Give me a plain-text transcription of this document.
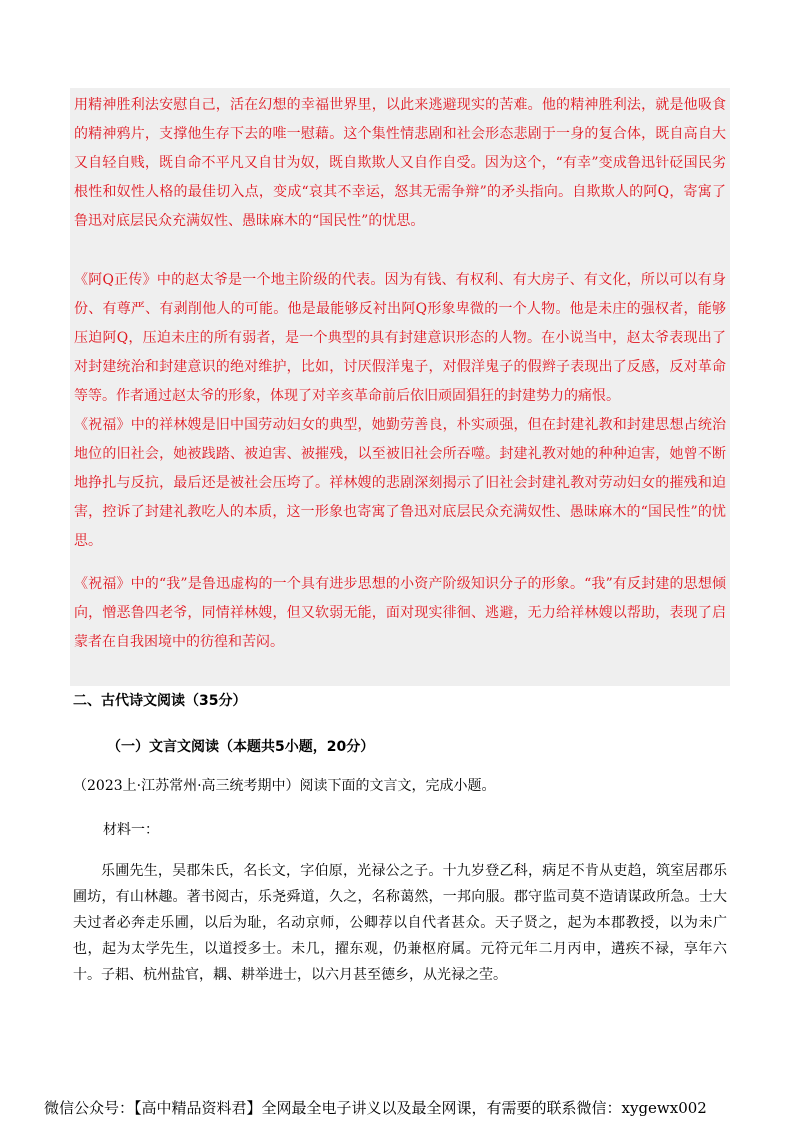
用精神胜利法安慰自己，活在幻想的幸福世界里，以此来逃避现实的苦难。他的精神胜利法，就是他吸食的精神鸦片，支撑他生存下去的唯一慰藉。这个集性情悲剧和社会形态悲剧于一身的复合体，既自高自大又自轻自贱，既自命不平凡又自甘为奴，既自欺欺人又自作自受。因为这个，“有幸”变成鲁迅针砭国民劣根性和奴性人格的最佳切入点，变成“哀其不幸运，怒其无需争辩”的矛头指向。自欺欺人的阿Q，寄寓了鲁迅对底层民众充满奴性、愚昧麻木的“国民性”的忧思。

《阿Q正传》中的赵太爷是一个地主阶级的代表。因为有钱、有权利、有大房子、有文化，所以可以有身份、有尊严、有剥削他人的可能。他是最能够反衬出阿Q形象卑微的一个人物。他是未庄的强权者，能够压迫阿Q，压迫未庄的所有弱者，是一个典型的具有封建意识形态的人物。在小说当中，赵太爷表现出了对封建统治和封建意识的绝对维护，比如，讨厌假洋鬼子，对假洋鬼子的假辫子表现出了反感，反对革命等等。作者通过赵太爷的形象，体现了对辛亥革命前后依旧顽固猖狂的封建势力的痛恨。

《祝福》中的祥林嫂是旧中国劳动妇女的典型，她勤劳善良，朴实顽强，但在封建礼教和封建思想占统治地位的旧社会，她被践踏、被迫害、被摧残，以至被旧社会所吞噬。封建礼教对她的种种迫害，她曾不断地挣扎与反抗，最后还是被社会压垮了。祥林嫂的悲剧深刻揭示了旧社会封建礼教对劳动妇女的摧残和迫害，控诉了封建礼教吃人的本质，这一形象也寄寓了鲁迅对底层民众充满奴性、愚昧麻木的“国民性”的忧思。

《祝福》中的“我”是鲁迅虚构的一个具有进步思想的小资产阶级知识分子的形象。“我”有反封建的思想倾向，憎恶鲁四老爷，同情祥林嫂，但又软弱无能，面对现实徘徊、逃避，无力给祥林嫂以帮助，表现了启蒙者在自我困境中的彷徨和苦闷。

二、古代诗文阅读（35分）

（一）文言文阅读（本题共5小题，20分）

（2023上·江苏常州·高三统考期中）阅读下面的文言文，完成小题。

材料一：

乐圃先生，吴郡朱氏，名长文，字伯原，光禄公之子。十九岁登乙科，病足不肯从吏趋，筑室居郡乐圃坊，有山林趣。著书阅古，乐尧舜道，久之，名称蔼然，一邦向服。郡守监司莫不造请谋政所急。士大夫过者必奔走乐圃，以后为耻，名动京师，公卿荐以自代者甚众。天子贤之，起为本郡教授，以为未广也，起为太学先生，以道授多士。未几，擢东观，仍兼枢府属。元符元年二月丙申，遘疾不禄，享年六十。子耜、杭州盐官，耦、耕举进士，以六月甚至德乡，从光禄之茔。

微信公众号：【高中精品资料君】全网最全电子讲义以及最全网课，有需要的联系微信：xygewx002
